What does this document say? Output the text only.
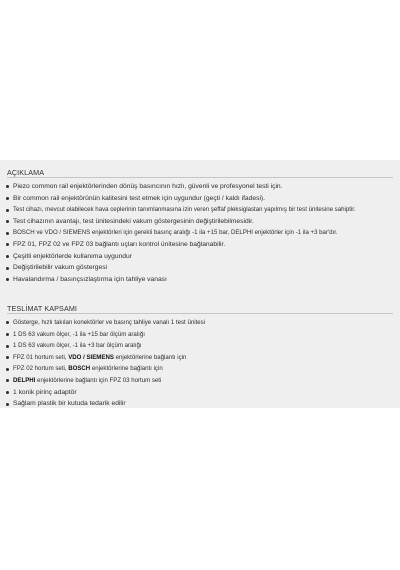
AÇIKLAMA
Piezo common rail enjektörlerinden dönüş basıncının hızlı, güvenli ve profesyonel testi için.
Bir common rail enjektörünün kalitesini test etmek için uygundur (geçti / kaldı ifadesi).
Test cihazı, mevcut olabilecek hava ceplerinin tanımlanmasına izin veren şeffaf pleksiglastan yapılmış bir test ünitesine sahiptir.
Test cihazının avantajı, test ünitesindeki vakum göstergesinin değiştirilebilmesidir.
BOSCH ve VDO / SIEMENS enjektörleri için gerekli basınç aralığı -1 ila +15 bar, DELPHI enjektörler için -1 ila +3 bar'dır.
FPZ 01, FPZ 02 ve FPZ 03 bağlantı uçları kontrol ünitesine bağlanabilir.
Çeşitli enjektörlerde kullanıma uygundur
Değiştirilebilir vakum göstergesi
Havalandırma / basınçsızlaştırma için tahliye vanası
TESLİMAT KAPSAMI
Gösterge, hızlı takılan konektörler ve basınç tahliye vanalı 1 test ünitesi
1 DS 63 vakum ölçer, -1 ila +15 bar ölçüm aralığı
1 DS 63 vakum ölçer, -1 ila +3 bar ölçüm aralığı
FPZ 01 hortum seti, VDO / SIEMENS enjektörlerine bağlantı için
FPZ 02 hortum seti, BOSCH enjektörlerine bağlantı için
DELPHI enjektörlerine bağlantı için FPZ 03 hortum seti
1 konik pirinç adaptör
Sağlam plastik bir kutuda tedarik edilir
